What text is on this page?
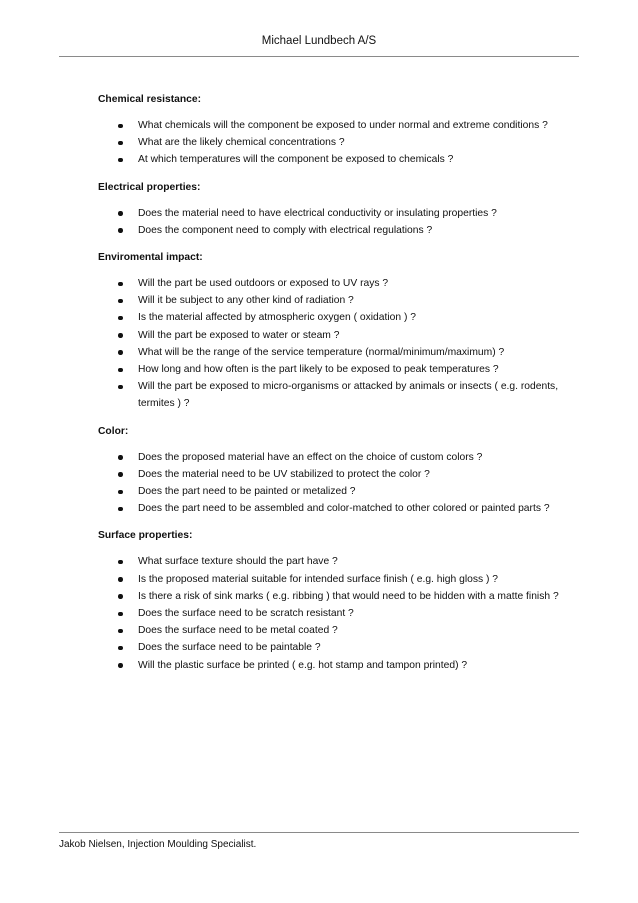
Michael Lundbech A/S
Chemical resistance:
What chemicals will the component be exposed to under normal and extreme conditions ?
What are the likely chemical concentrations ?
At which temperatures will the component be exposed to chemicals ?
Electrical properties:
Does the material need to have electrical conductivity or insulating properties ?
Does the component need to comply with electrical regulations ?
Enviromental impact:
Will the part be used outdoors or exposed to UV rays ?
Will it be subject to any other kind of radiation ?
Is the material affected by atmospheric oxygen ( oxidation ) ?
Will the part be exposed to water or steam ?
What will be the range of the service temperature (normal/minimum/maximum) ?
How long and how often is the part likely to be exposed to peak temperatures ?
Will the part be exposed to micro-organisms or attacked by animals or insects ( e.g. rodents, termites ) ?
Color:
Does the proposed material have an effect on the choice of custom colors ?
Does the material need to be UV stabilized to protect the color ?
Does the part need to be painted or metalized ?
Does the part need to be assembled and color-matched to other colored or painted parts ?
Surface properties:
What surface texture should the part have ?
Is the proposed material suitable for intended surface finish ( e.g. high gloss ) ?
Is there a risk of sink marks ( e.g. ribbing ) that would need to be hidden with a matte finish ?
Does the surface need to be scratch resistant ?
Does the surface need to be metal coated ?
Does the surface need to be paintable ?
Will the plastic surface be printed ( e.g. hot stamp and tampon printed) ?
Jakob Nielsen, Injection Moulding Specialist.
